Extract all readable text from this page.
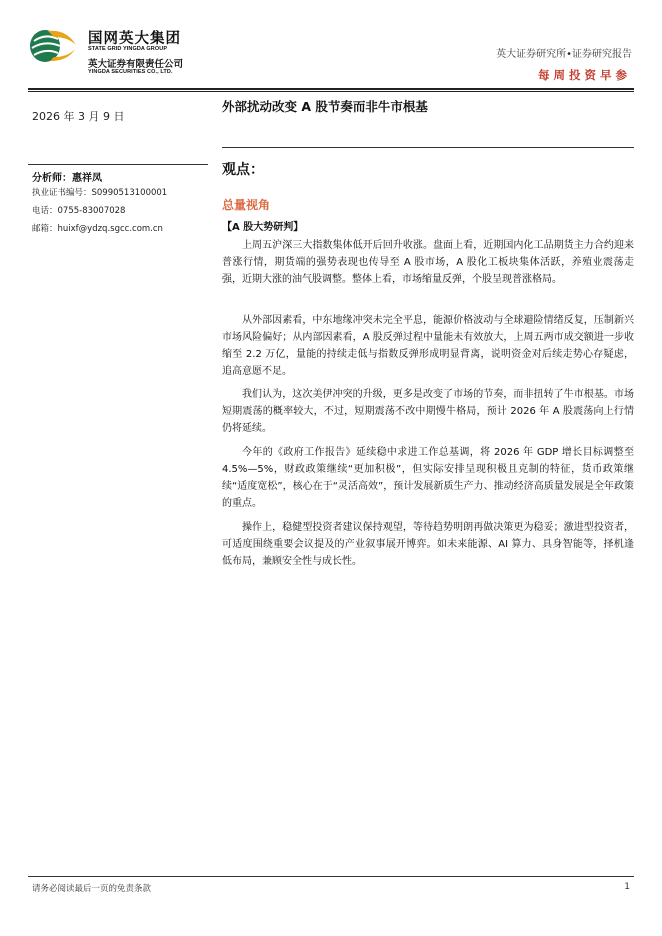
国网英大集团
STATE GRID YINGDA GROUP
英大证券有限责任公司
YINGDA SECURITIES CO., LTD.
英大证券研究所•证券研究报告
每周投资早参
2026 年 3 月 9 日
外部扰动改变 A 股节奏而非牛市根基
分析师：惠祥凤
执业证书编号：S0990513100001
电话：0755-83007028
邮箱：huixf@ydzq.sgcc.com.cn
观点：
总量视角
【A 股大势研判】

上周五沪深三大指数集体低开后回升收涨。盘面上看，近期国内化工品期货主力合约迎来普涨行情，期货端的强势表现也传导至 A 股市场，A 股化工板块集体活跃，养殖业震荡走强，近期大涨的油气股调整。整体上看，市场缩量反弹，个股呈现普涨格局。

从外部因素看，中东地缘冲突未完全平息，能源价格波动与全球避险情绪反复，压制新兴市场风险偏好；从内部因素看，A 股反弹过程中量能未有效放大，上周五两市成交额进一步收缩至 2.2 万亿，量能的持续走低与指数反弹形成明显背离，说明资金对后续走势心存疑虑，追高意愿不足。

我们认为，这次美伊冲突的升级，更多是改变了市场的节奏，而非扭转了牛市根基。市场短期震荡的概率较大，不过，短期震荡不改中期慢牛格局，预计 2026 年 A 股震荡向上行情仍将延续。

今年的《政府工作报告》延续稳中求进工作总基调，将 2026 年 GDP 增长目标调整至 4.5%—5%，财政政策继续“更加积极”，但实际安排呈现积极且克制的特征，货币政策继续“适度宽松”，核心在于“灵活高效”，预计发展新质生产力、推动经济高质量发展是全年政策的重点。

操作上，稳健型投资者建议保持观望，等待趋势明朗再做决策更为稳妥；激进型投资者，可适度围绕重要会议提及的产业叙事展开博弈。如未来能源、AI 算力、具身智能等，择机逢低布局，兼顾安全性与成长性。

请务必阅读最后一页的免责条款	1
